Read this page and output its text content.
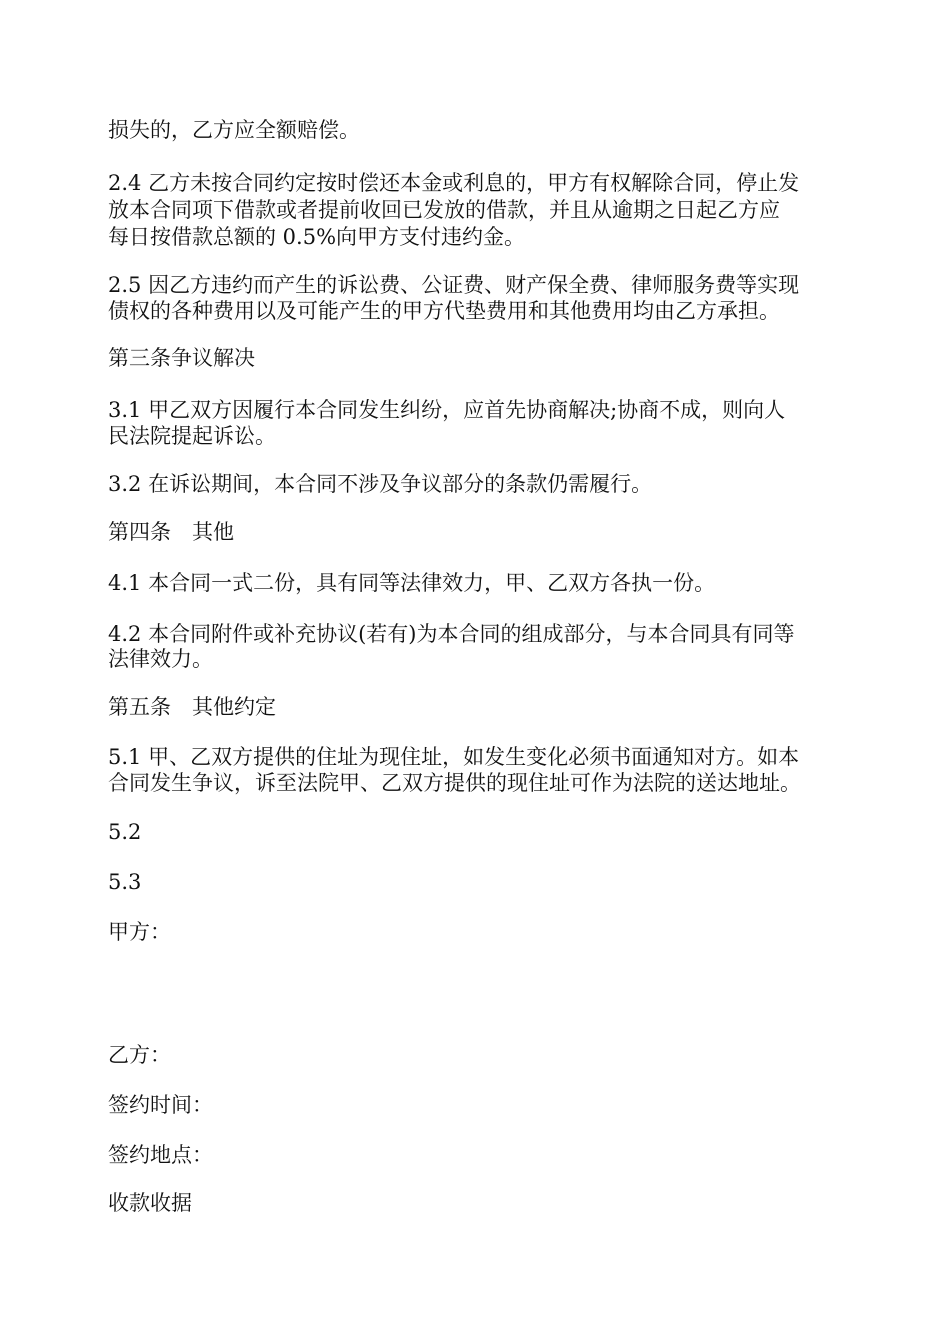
损失的，乙方应全额赔偿。
2.4 乙方未按合同约定按时偿还本金或利息的，甲方有权解除合同，停止发
放本合同项下借款或者提前收回已发放的借款，并且从逾期之日起乙方应
每日按借款总额的 0.5%向甲方支付违约金。
2.5 因乙方违约而产生的诉讼费、公证费、财产保全费、律师服务费等实现
债权的各种费用以及可能产生的甲方代垫费用和其他费用均由乙方承担。
第三条争议解决
3.1 甲乙双方因履行本合同发生纠纷，应首先协商解决;协商不成，则向人
民法院提起诉讼。
3.2 在诉讼期间，本合同不涉及争议部分的条款仍需履行。
第四条　其他
4.1 本合同一式二份，具有同等法律效力，甲、乙双方各执一份。
4.2 本合同附件或补充协议(若有)为本合同的组成部分，与本合同具有同等
法律效力。
第五条　其他约定
5.1 甲、乙双方提供的住址为现住址，如发生变化必须书面通知对方。如本
合同发生争议，诉至法院甲、乙双方提供的现住址可作为法院的送达地址。
5.2
5.3
甲方：
乙方：
签约时间：
签约地点：
收款收据
